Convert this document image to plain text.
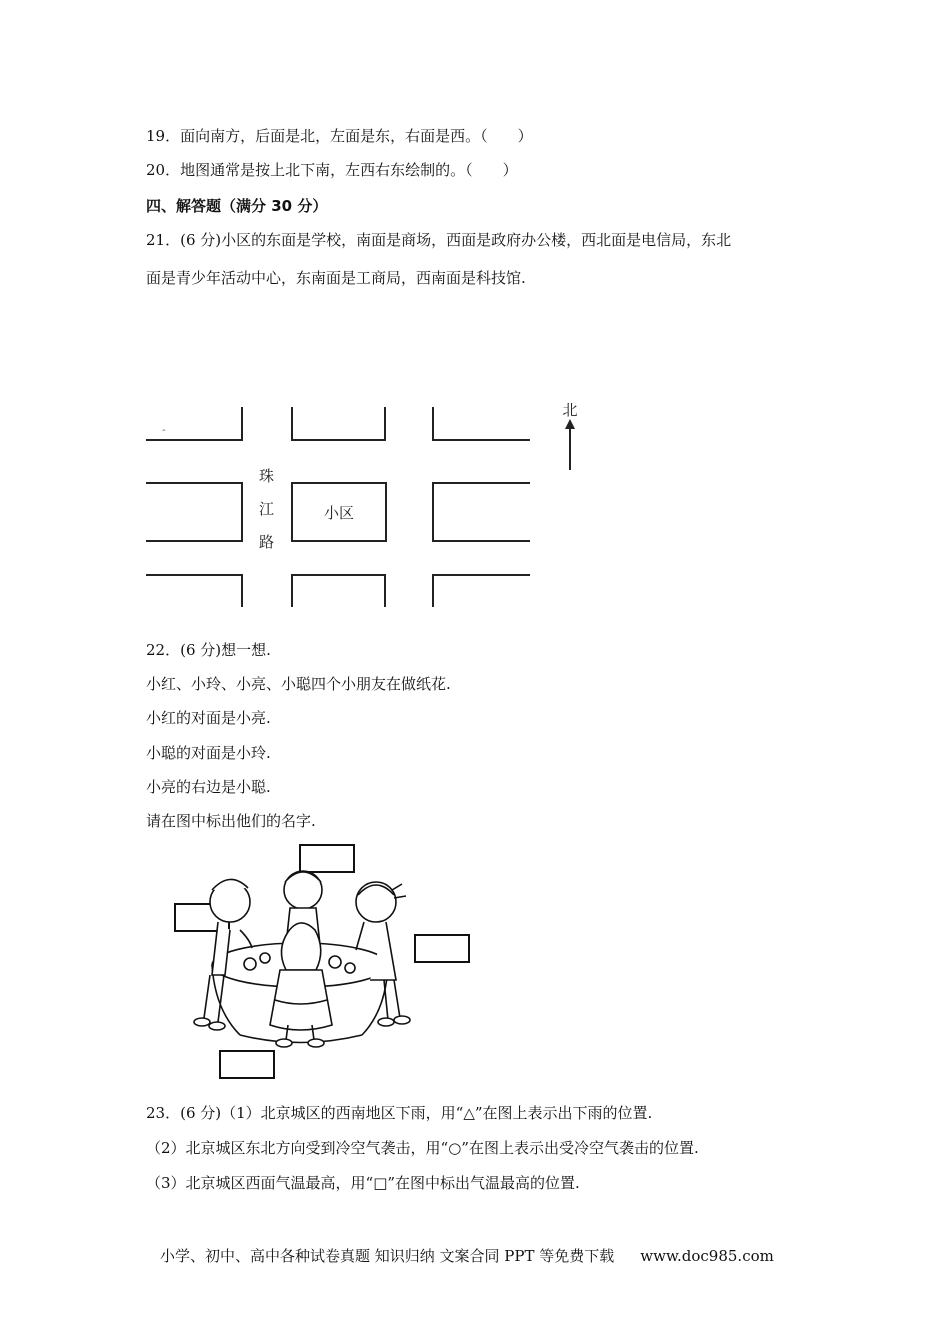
19．面向南方，后面是北，左面是东，右面是西。（　　）
20．地图通常是按上北下南，左西右东绘制的。（　　）
四、解答题（满分 30 分）
21．(6 分)小区的东面是学校，南面是商场，西面是政府办公楼，西北面是电信局，东北
面是青少年活动中心，东南面是工商局，西南面是科技馆.
-
珠
江
路
小区
北
22．(6 分)想一想.
小红、小玲、小亮、小聪四个小朋友在做纸花.
小红的对面是小亮.
小聪的对面是小玲.
小亮的右边是小聪.
请在图中标出他们的名字.
23．(6 分)（1）北京城区的西南地区下雨，用“△”在图上表示出下雨的位置.
（2）北京城区东北方向受到冷空气袭击，用“○”在图上表示出受冷空气袭击的位置.
（3）北京城区西面气温最高，用“□”在图中标出气温最高的位置.
小学、初中、高中各种试卷真题 知识归纳 文案合同 PPT 等免费下载 www.doc985.com
